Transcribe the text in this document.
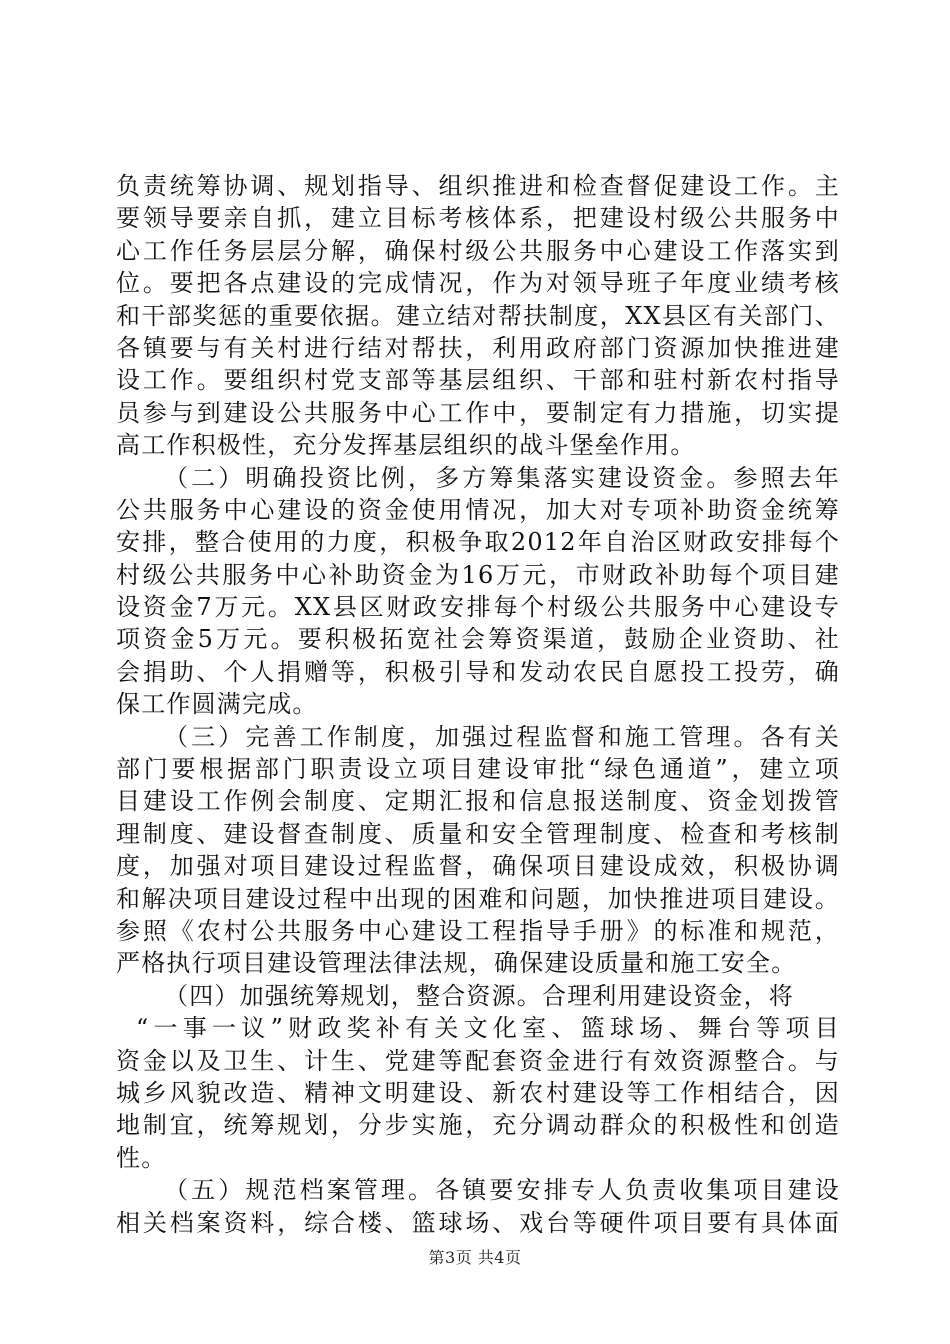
负责统筹协调、规划指导、组织推进和检查督促建设工作。主
要领导要亲自抓，建立目标考核体系，把建设村级公共服务中
心工作任务层层分解，确保村级公共服务中心建设工作落实到
位。要把各点建设的完成情况，作为对领导班子年度业绩考核
和干部奖惩的重要依据。建立结对帮扶制度，XX县区有关部门、
各镇要与有关村进行结对帮扶，利用政府部门资源加快推进建
设工作。要组织村党支部等基层组织、干部和驻村新农村指导
员参与到建设公共服务中心工作中，要制定有力措施，切实提
高工作积极性，充分发挥基层组织的战斗堡垒作用。
（二）明确投资比例，多方筹集落实建设资金。参照去年
公共服务中心建设的资金使用情况，加大对专项补助资金统筹
安排，整合使用的力度，积极争取2012年自治区财政安排每个
村级公共服务中心补助资金为16万元，市财政补助每个项目建
设资金7万元。XX县区财政安排每个村级公共服务中心建设专
项资金5万元。要积极拓宽社会筹资渠道，鼓励企业资助、社
会捐助、个人捐赠等，积极引导和发动农民自愿投工投劳，确
保工作圆满完成。
（三）完善工作制度，加强过程监督和施工管理。各有关
部门要根据部门职责设立项目建设审批“绿色通道”，建立项
目建设工作例会制度、定期汇报和信息报送制度、资金划拨管
理制度、建设督查制度、质量和安全管理制度、检查和考核制
度，加强对项目建设过程监督，确保项目建设成效，积极协调
和解决项目建设过程中出现的困难和问题，加快推进项目建设。
参照《农村公共服务中心建设工程指导手册》的标准和规范，
严格执行项目建设管理法律法规，确保建设质量和施工安全。
（四）加强统筹规划，整合资源。合理利用建设资金，将
“一事一议”财政奖补有关文化室、篮球场、舞台等项目
资金以及卫生、计生、党建等配套资金进行有效资源整合。与
城乡风貌改造、精神文明建设、新农村建设等工作相结合，因
地制宜，统筹规划，分步实施，充分调动群众的积极性和创造
性。
（五）规范档案管理。各镇要安排专人负责收集项目建设
相关档案资料，综合楼、篮球场、戏台等硬件项目要有具体面
第3页 共4页
